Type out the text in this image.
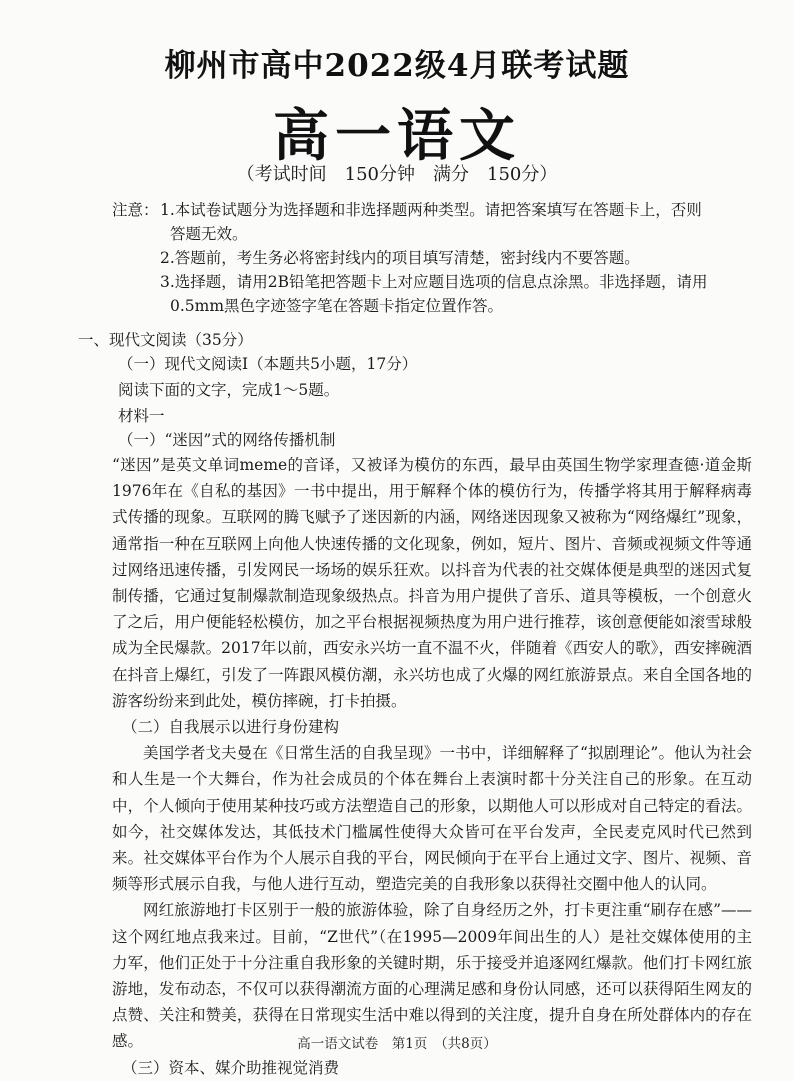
柳州市高中2022级4月联考试题
高一语文
（考试时间　150分钟　满分　150分）
注意： 1.本试卷试题分为选择题和非选择题两种类型。请把答案填写在答题卡上，否则
答题无效。
2.答题前，考生务必将密封线内的项目填写清楚，密封线内不要答题。
3.选择题，请用2B铅笔把答题卡上对应题目选项的信息点涂黑。非选择题，请用
0.5mm黑色字迹签字笔在答题卡指定位置作答。
一、现代文阅读（35分）
（一）现代文阅读Ⅰ（本题共5小题，17分）
阅读下面的文字，完成1～5题。
材料一
（一）“迷因”式的网络传播机制

“迷因”是英文单词meme的音译，又被译为模仿的东西，最早由英国生物学家理查德·道金斯1976年在《自私的基因》一书中提出，用于解释个体的模仿行为，传播学将其用于解释病毒式传播的现象。互联网的腾飞赋予了迷因新的内涵，网络迷因现象又被称为“网络爆红”现象，通常指一种在互联网上向他人快速传播的文化现象，例如，短片、图片、音频或视频文件等通过网络迅速传播，引发网民一场场的娱乐狂欢。以抖音为代表的社交媒体便是典型的迷因式复制传播，它通过复制爆款制造现象级热点。抖音为用户提供了音乐、道具等模板，一个创意火了之后，用户便能轻松模仿，加之平台根据视频热度为用户进行推荐，该创意便能如滚雪球般成为全民爆款。2017年以前，西安永兴坊一直不温不火，伴随着《西安人的歌》，西安摔碗酒在抖音上爆红，引发了一阵跟风模仿潮，永兴坊也成了火爆的网红旅游景点。来自全国各地的游客纷纷来到此处，模仿摔碗，打卡拍摄。

（二）自我展示以进行身份建构

美国学者戈夫曼在《日常生活的自我呈现》一书中，详细解释了“拟剧理论”。他认为社会和人生是一个大舞台，作为社会成员的个体在舞台上表演时都十分关注自己的形象。在互动中，个人倾向于使用某种技巧或方法塑造自己的形象，以期他人可以形成对自己特定的看法。如今，社交媒体发达，其低技术门槛属性使得大众皆可在平台发声，全民麦克风时代已然到来。社交媒体平台作为个人展示自我的平台，网民倾向于在平台上通过文字、图片、视频、音频等形式展示自我，与他人进行互动，塑造完美的自我形象以获得社交圈中他人的认同。

网红旅游地打卡区别于一般的旅游体验，除了自身经历之外，打卡更注重“刷存在感”——这个网红地点我来过。目前，“Z世代”（在1995—2009年间出生的人）是社交媒体使用的主力军，他们正处于十分注重自我形象的关键时期，乐于接受并追逐网红爆款。他们打卡网红旅游地，发布动态，不仅可以获得潮流方面的心理满足感和身份认同感，还可以获得陌生网友的点赞、关注和赞美，获得在日常现实生活中难以得到的关注度，提升自身在所处群体内的存在感。

（三）资本、媒介助推视觉消费

高一语文试卷　第1页　（共8页）
